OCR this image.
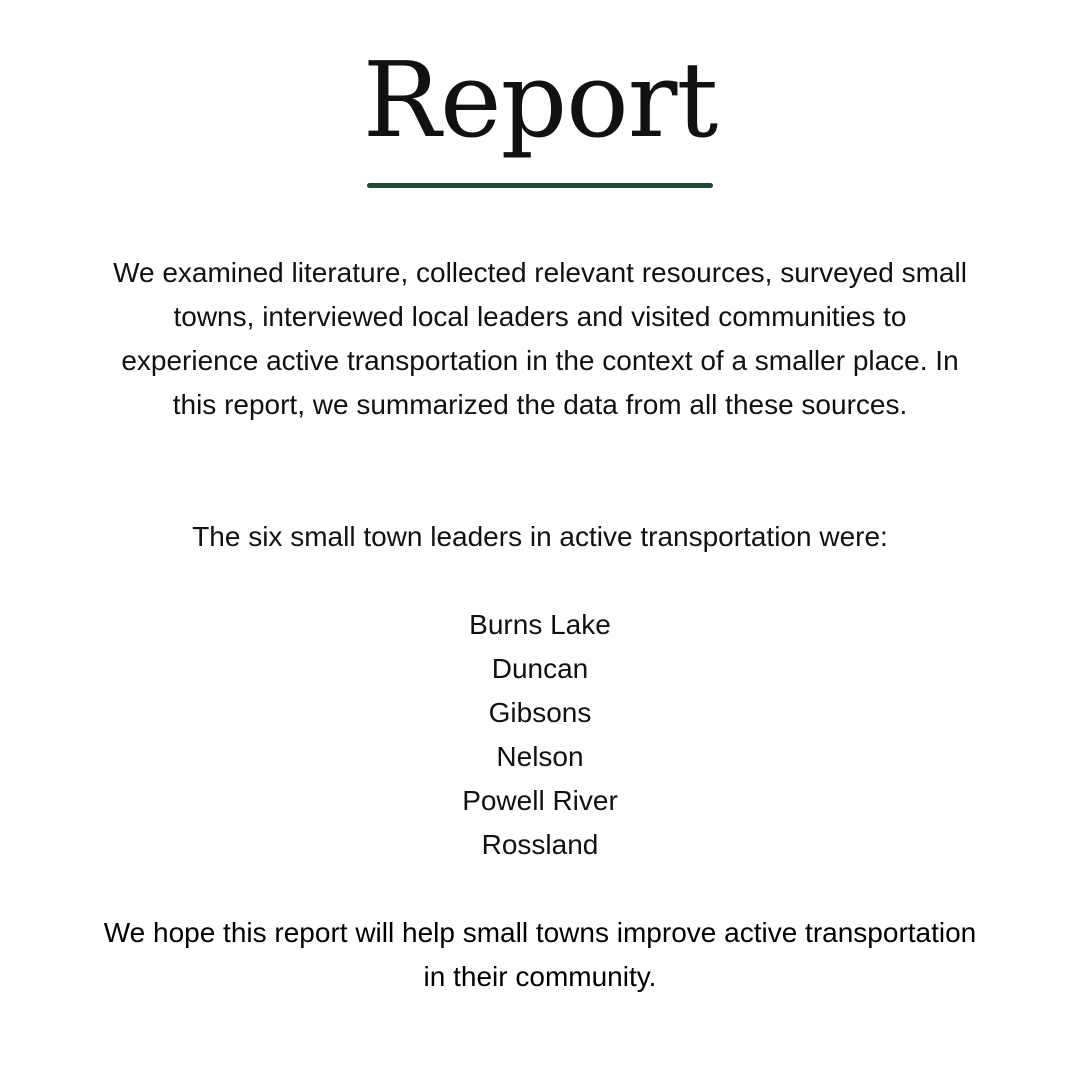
Report

We examined literature, collected relevant resources, surveyed small towns, interviewed local leaders and visited communities to experience active transportation in the context of a smaller place. In this report, we summarized the data from all these sources.

The six small town leaders in active transportation were:

Burns Lake
Duncan
Gibsons
Nelson
Powell River
Rossland

We hope this report will help small towns improve active transportation in their community.
